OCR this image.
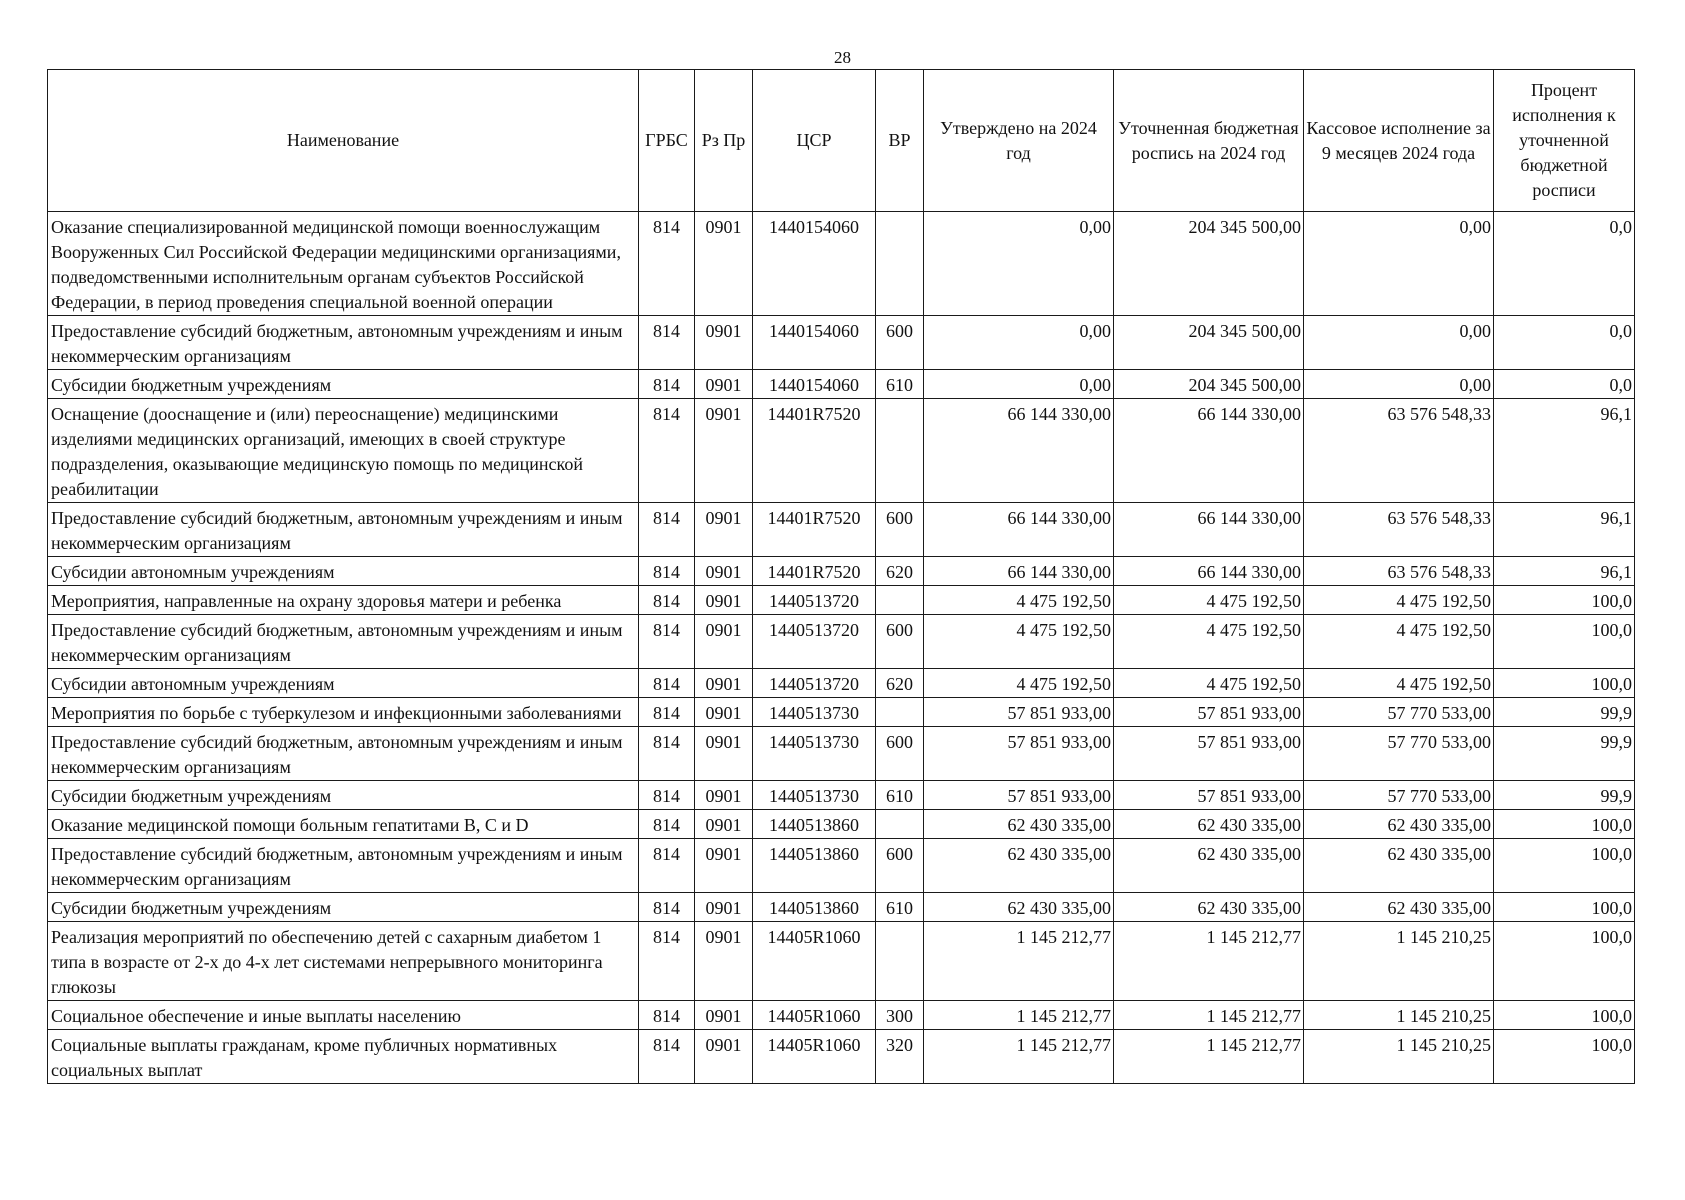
28
Наименование	ГРБС	Рз Пр	ЦСР	ВР	Утверждено на 2024 год	Уточненная бюджетная роспись на 2024 год	Кассовое исполнение за 9 месяцев 2024 года	Процент исполнения к уточненной бюджетной росписи
Оказание специализированной медицинской помощи военнослужащим Вооруженных Сил Российской Федерации медицинскими организациями, подведомственными исполнительным органам субъектов Российской Федерации, в период проведения специальной военной операции	814	0901	1440154060		0,00	204 345 500,00	0,00	0,0
Предоставление субсидий бюджетным, автономным учреждениям и иным некоммерческим организациям	814	0901	1440154060	600	0,00	204 345 500,00	0,00	0,0
Субсидии бюджетным учреждениям	814	0901	1440154060	610	0,00	204 345 500,00	0,00	0,0
Оснащение (дооснащение и (или) переоснащение) медицинскими изделиями медицинских организаций, имеющих в своей структуре подразделения, оказывающие медицинскую помощь по медицинской реабилитации	814	0901	14401R7520		66 144 330,00	66 144 330,00	63 576 548,33	96,1
Предоставление субсидий бюджетным, автономным учреждениям и иным некоммерческим организациям	814	0901	14401R7520	600	66 144 330,00	66 144 330,00	63 576 548,33	96,1
Субсидии автономным учреждениям	814	0901	14401R7520	620	66 144 330,00	66 144 330,00	63 576 548,33	96,1
Мероприятия, направленные на охрану здоровья матери и ребенка	814	0901	1440513720		4 475 192,50	4 475 192,50	4 475 192,50	100,0
Предоставление субсидий бюджетным, автономным учреждениям и иным некоммерческим организациям	814	0901	1440513720	600	4 475 192,50	4 475 192,50	4 475 192,50	100,0
Субсидии автономным учреждениям	814	0901	1440513720	620	4 475 192,50	4 475 192,50	4 475 192,50	100,0
Мероприятия по борьбе с туберкулезом и инфекционными заболеваниями	814	0901	1440513730		57 851 933,00	57 851 933,00	57 770 533,00	99,9
Предоставление субсидий бюджетным, автономным учреждениям и иным некоммерческим организациям	814	0901	1440513730	600	57 851 933,00	57 851 933,00	57 770 533,00	99,9
Субсидии бюджетным учреждениям	814	0901	1440513730	610	57 851 933,00	57 851 933,00	57 770 533,00	99,9
Оказание медицинской помощи больным гепатитами B, C и D	814	0901	1440513860		62 430 335,00	62 430 335,00	62 430 335,00	100,0
Предоставление субсидий бюджетным, автономным учреждениям и иным некоммерческим организациям	814	0901	1440513860	600	62 430 335,00	62 430 335,00	62 430 335,00	100,0
Субсидии бюджетным учреждениям	814	0901	1440513860	610	62 430 335,00	62 430 335,00	62 430 335,00	100,0
Реализация мероприятий по обеспечению детей с сахарным диабетом 1 типа в возрасте от 2-х до 4-х лет системами непрерывного мониторинга глюкозы	814	0901	14405R1060		1 145 212,77	1 145 212,77	1 145 210,25	100,0
Социальное обеспечение и иные выплаты населению	814	0901	14405R1060	300	1 145 212,77	1 145 212,77	1 145 210,25	100,0
Социальные выплаты гражданам, кроме публичных нормативных социальных выплат	814	0901	14405R1060	320	1 145 212,77	1 145 212,77	1 145 210,25	100,0
